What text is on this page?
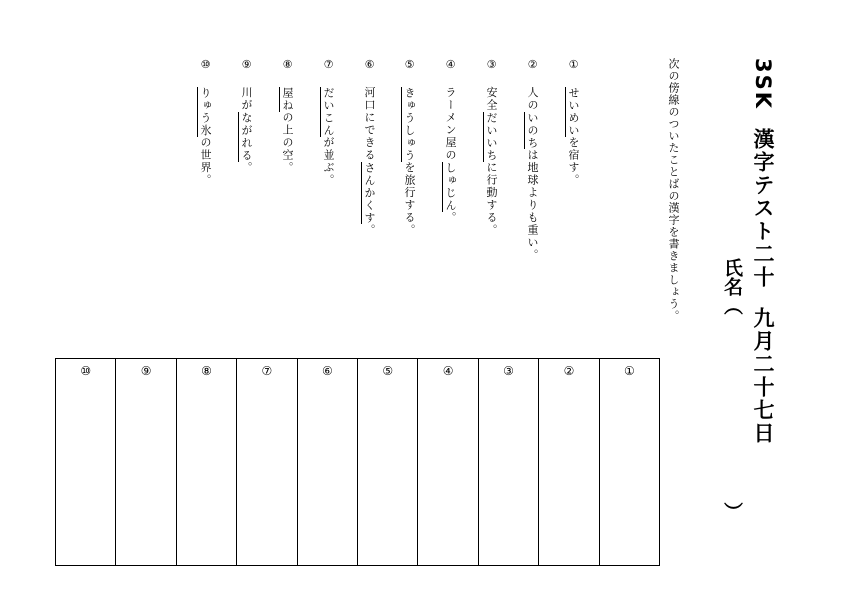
3SK漢字テスト二十九月二十七日
氏名（
）
次の傍線のついたことばの漢字を書きましょう。
①せいめいを宿す。
②人のいのちは地球よりも重い。
③安全だいいちに行動する。
④ラーメン屋のしゅじん。
⑤きゅうしゅうを旅行する。
⑥河口にできるさんかくす。
⑦だいこんが並ぶ。
⑧屋ねの上の空。
⑨川がながれる。
⑩りゅう氷の世界。
⑩	⑨	⑧	⑦	⑥	⑤	④	③	②	①
